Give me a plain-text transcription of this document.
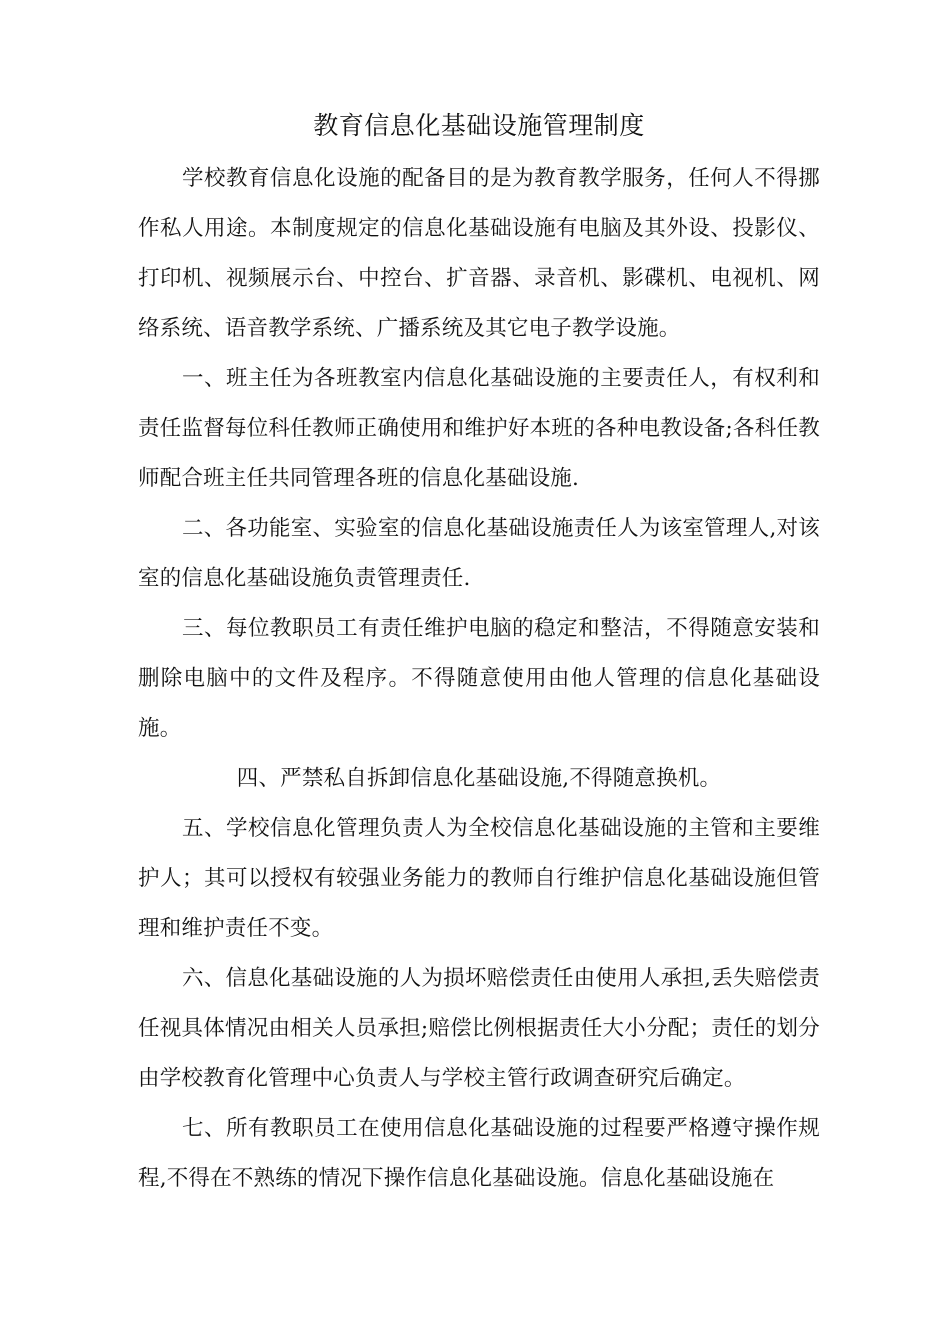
教育信息化基础设施管理制度

学校教育信息化设施的配备目的是为教育教学服务，任何人不得挪作私人用途。本制度规定的信息化基础设施有电脑及其外设、投影仪、打印机、视频展示台、中控台、扩音器、录音机、影碟机、电视机、网络系统、语音教学系统、广播系统及其它电子教学设施。

一、班主任为各班教室内信息化基础设施的主要责任人，有权利和责任监督每位科任教师正确使用和维护好本班的各种电教设备;各科任教师配合班主任共同管理各班的信息化基础设施.

二、各功能室、实验室的信息化基础设施责任人为该室管理人,对该室的信息化基础设施负责管理责任.

三、每位教职员工有责任维护电脑的稳定和整洁，不得随意安装和删除电脑中的文件及程序。不得随意使用由他人管理的信息化基础设施。

四、严禁私自拆卸信息化基础设施,不得随意换机。

五、学校信息化管理负责人为全校信息化基础设施的主管和主要维护人；其可以授权有较强业务能力的教师自行维护信息化基础设施但管理和维护责任不变。

六、信息化基础设施的人为损坏赔偿责任由使用人承担,丢失赔偿责任视具体情况由相关人员承担;赔偿比例根据责任大小分配；责任的划分由学校教育化管理中心负责人与学校主管行政调查研究后确定。

七、所有教职员工在使用信息化基础设施的过程要严格遵守操作规程,不得在不熟练的情况下操作信息化基础设施。信息化基础设施在
